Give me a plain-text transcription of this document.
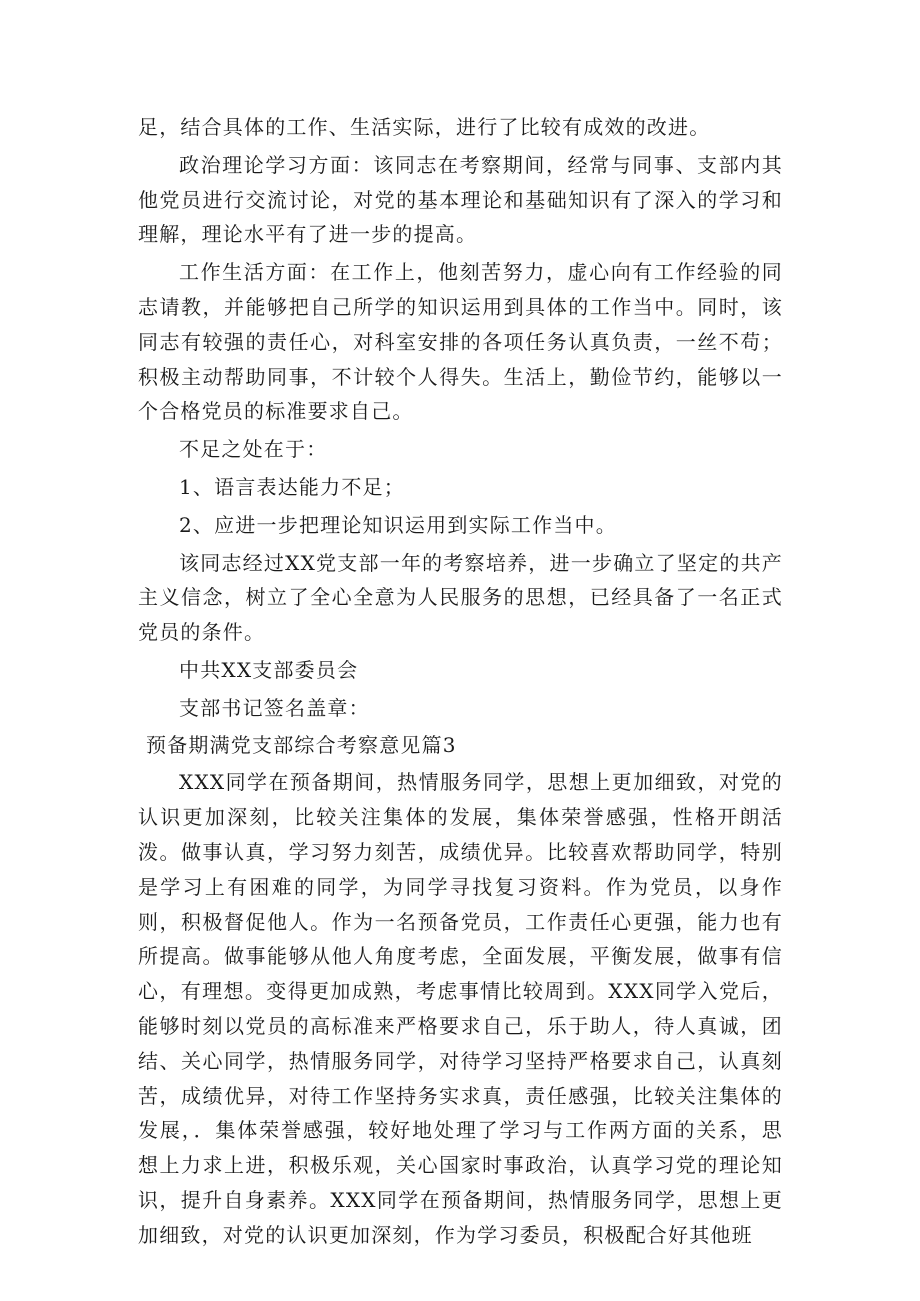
足，结合具体的工作、生活实际，进行了比较有成效的改进。

政治理论学习方面：该同志在考察期间，经常与同事、支部内其他党员进行交流讨论，对党的基本理论和基础知识有了深入的学习和理解，理论水平有了进一步的提高。

工作生活方面：在工作上，他刻苦努力，虚心向有工作经验的同志请教，并能够把自己所学的知识运用到具体的工作当中。同时，该同志有较强的责任心，对科室安排的各项任务认真负责，一丝不苟；积极主动帮助同事，不计较个人得失。生活上，勤俭节约，能够以一个合格党员的标准要求自己。

不足之处在于：

1、语言表达能力不足；

2、应进一步把理论知识运用到实际工作当中。

该同志经过XX党支部一年的考察培养，进一步确立了坚定的共产主义信念，树立了全心全意为人民服务的思想，已经具备了一名正式党员的条件。

中共XX支部委员会

支部书记签名盖章：

预备期满党支部综合考察意见篇3

XXX同学在预备期间，热情服务同学，思想上更加细致，对党的认识更加深刻，比较关注集体的发展，集体荣誉感强，性格开朗活泼。做事认真，学习努力刻苦，成绩优异。比较喜欢帮助同学，特别是学习上有困难的同学，为同学寻找复习资料。作为党员，以身作则，积极督促他人。作为一名预备党员，工作责任心更强，能力也有所提高。做事能够从他人角度考虑，全面发展，平衡发展，做事有信心，有理想。变得更加成熟，考虑事情比较周到。XXX同学入党后，能够时刻以党员的高标准来严格要求自己，乐于助人，待人真诚，团结、关心同学，热情服务同学，对待学习坚持严格要求自己，认真刻苦，成绩优异，对待工作坚持务实求真，责任感强，比较关注集体的发展，．集体荣誉感强，较好地处理了学习与工作两方面的关系，思想上力求上进，积极乐观，关心国家时事政治，认真学习党的理论知识，提升自身素养。XXX同学在预备期间，热情服务同学，思想上更加细致，对党的认识更加深刻，作为学习委员，积极配合好其他班
